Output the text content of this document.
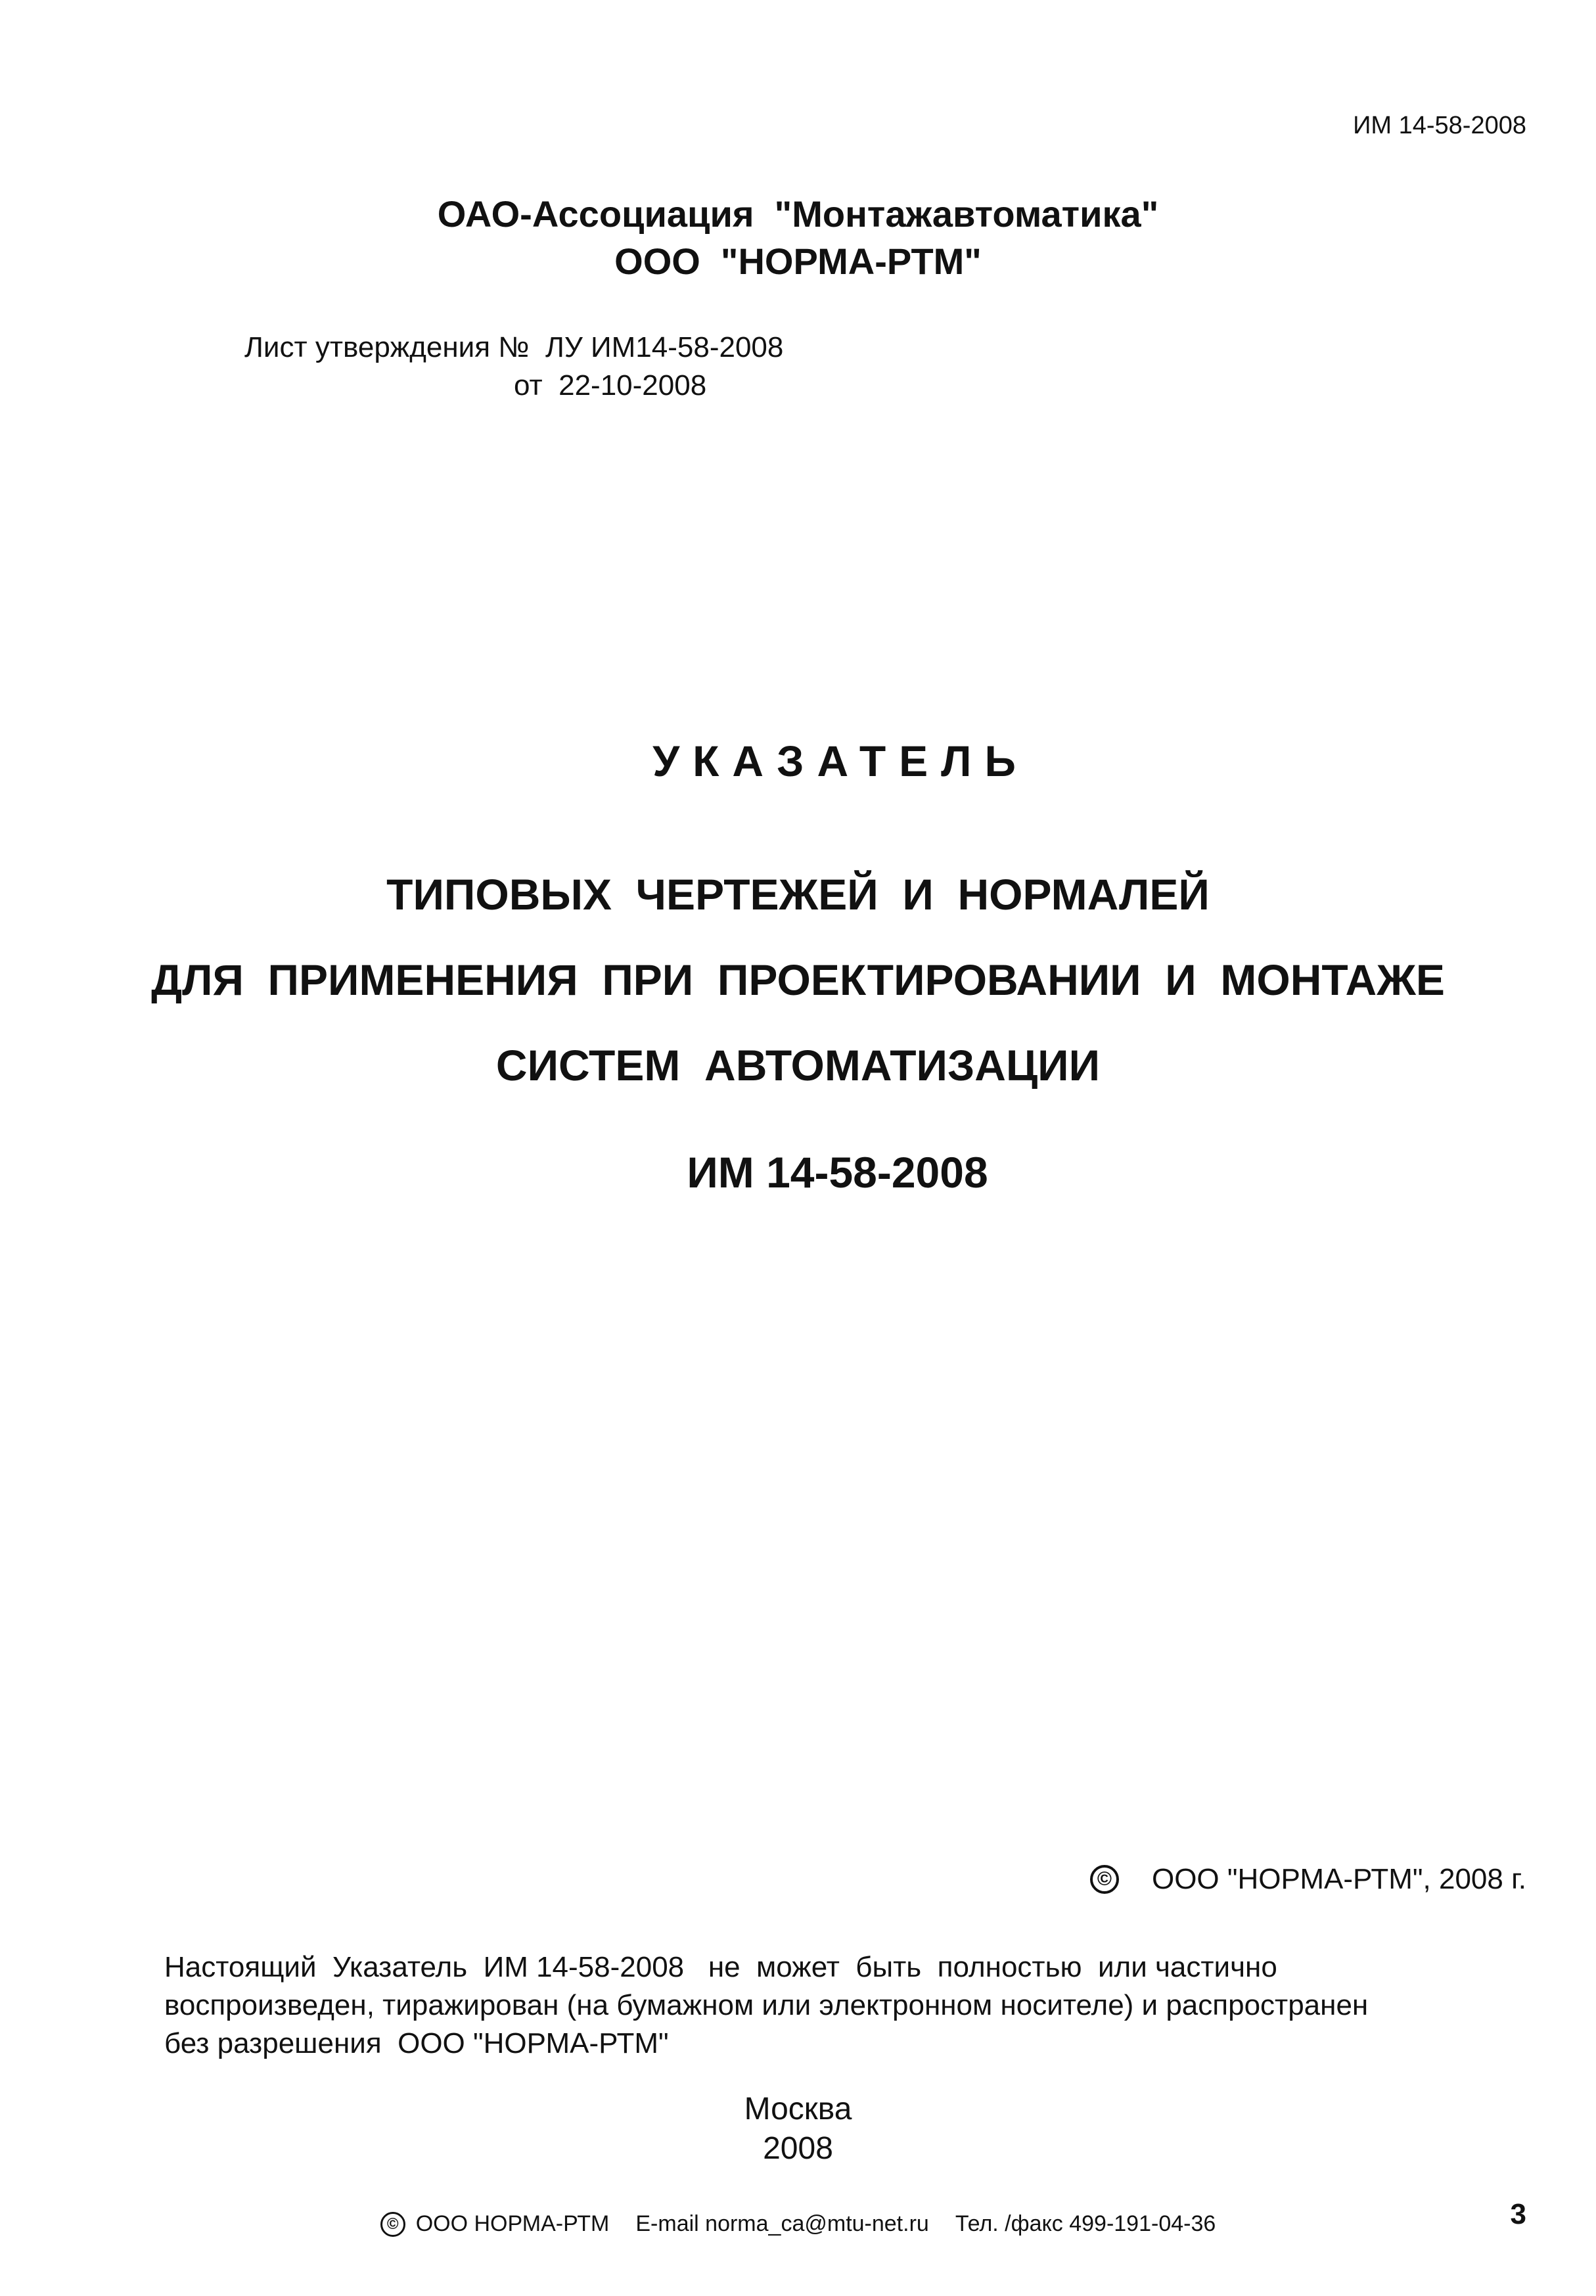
ИМ 14-58-2008
ОАО-Ассоциация  "Монтажавтоматика"
ООО  "НОРМА-РТМ"
Лист утверждения №  ЛУ ИМ14-58-2008
от  22-10-2008
УКАЗАТЕЛЬ
ТИПОВЫХ  ЧЕРТЕЖЕЙ  И  НОРМАЛЕЙ
ДЛЯ  ПРИМЕНЕНИЯ  ПРИ  ПРОЕКТИРОВАНИИ  И  МОНТАЖЕ
СИСТЕМ  АВТОМАТИЗАЦИИ
ИМ 14-58-2008
© ООО "НОРМА-РТМ", 2008 г.
Настоящий  Указатель  ИМ 14-58-2008   не  может  быть  полностью  или частично
воспроизведен, тиражирован (на бумажном или электронном носителе) и распространен
без разрешения  ООО "НОРМА-РТМ"
Москва
2008
© ООО НОРМА-РТМ E-mail norma_ca@mtu-net.ru Тел. /факс 499-191-04-36	3
